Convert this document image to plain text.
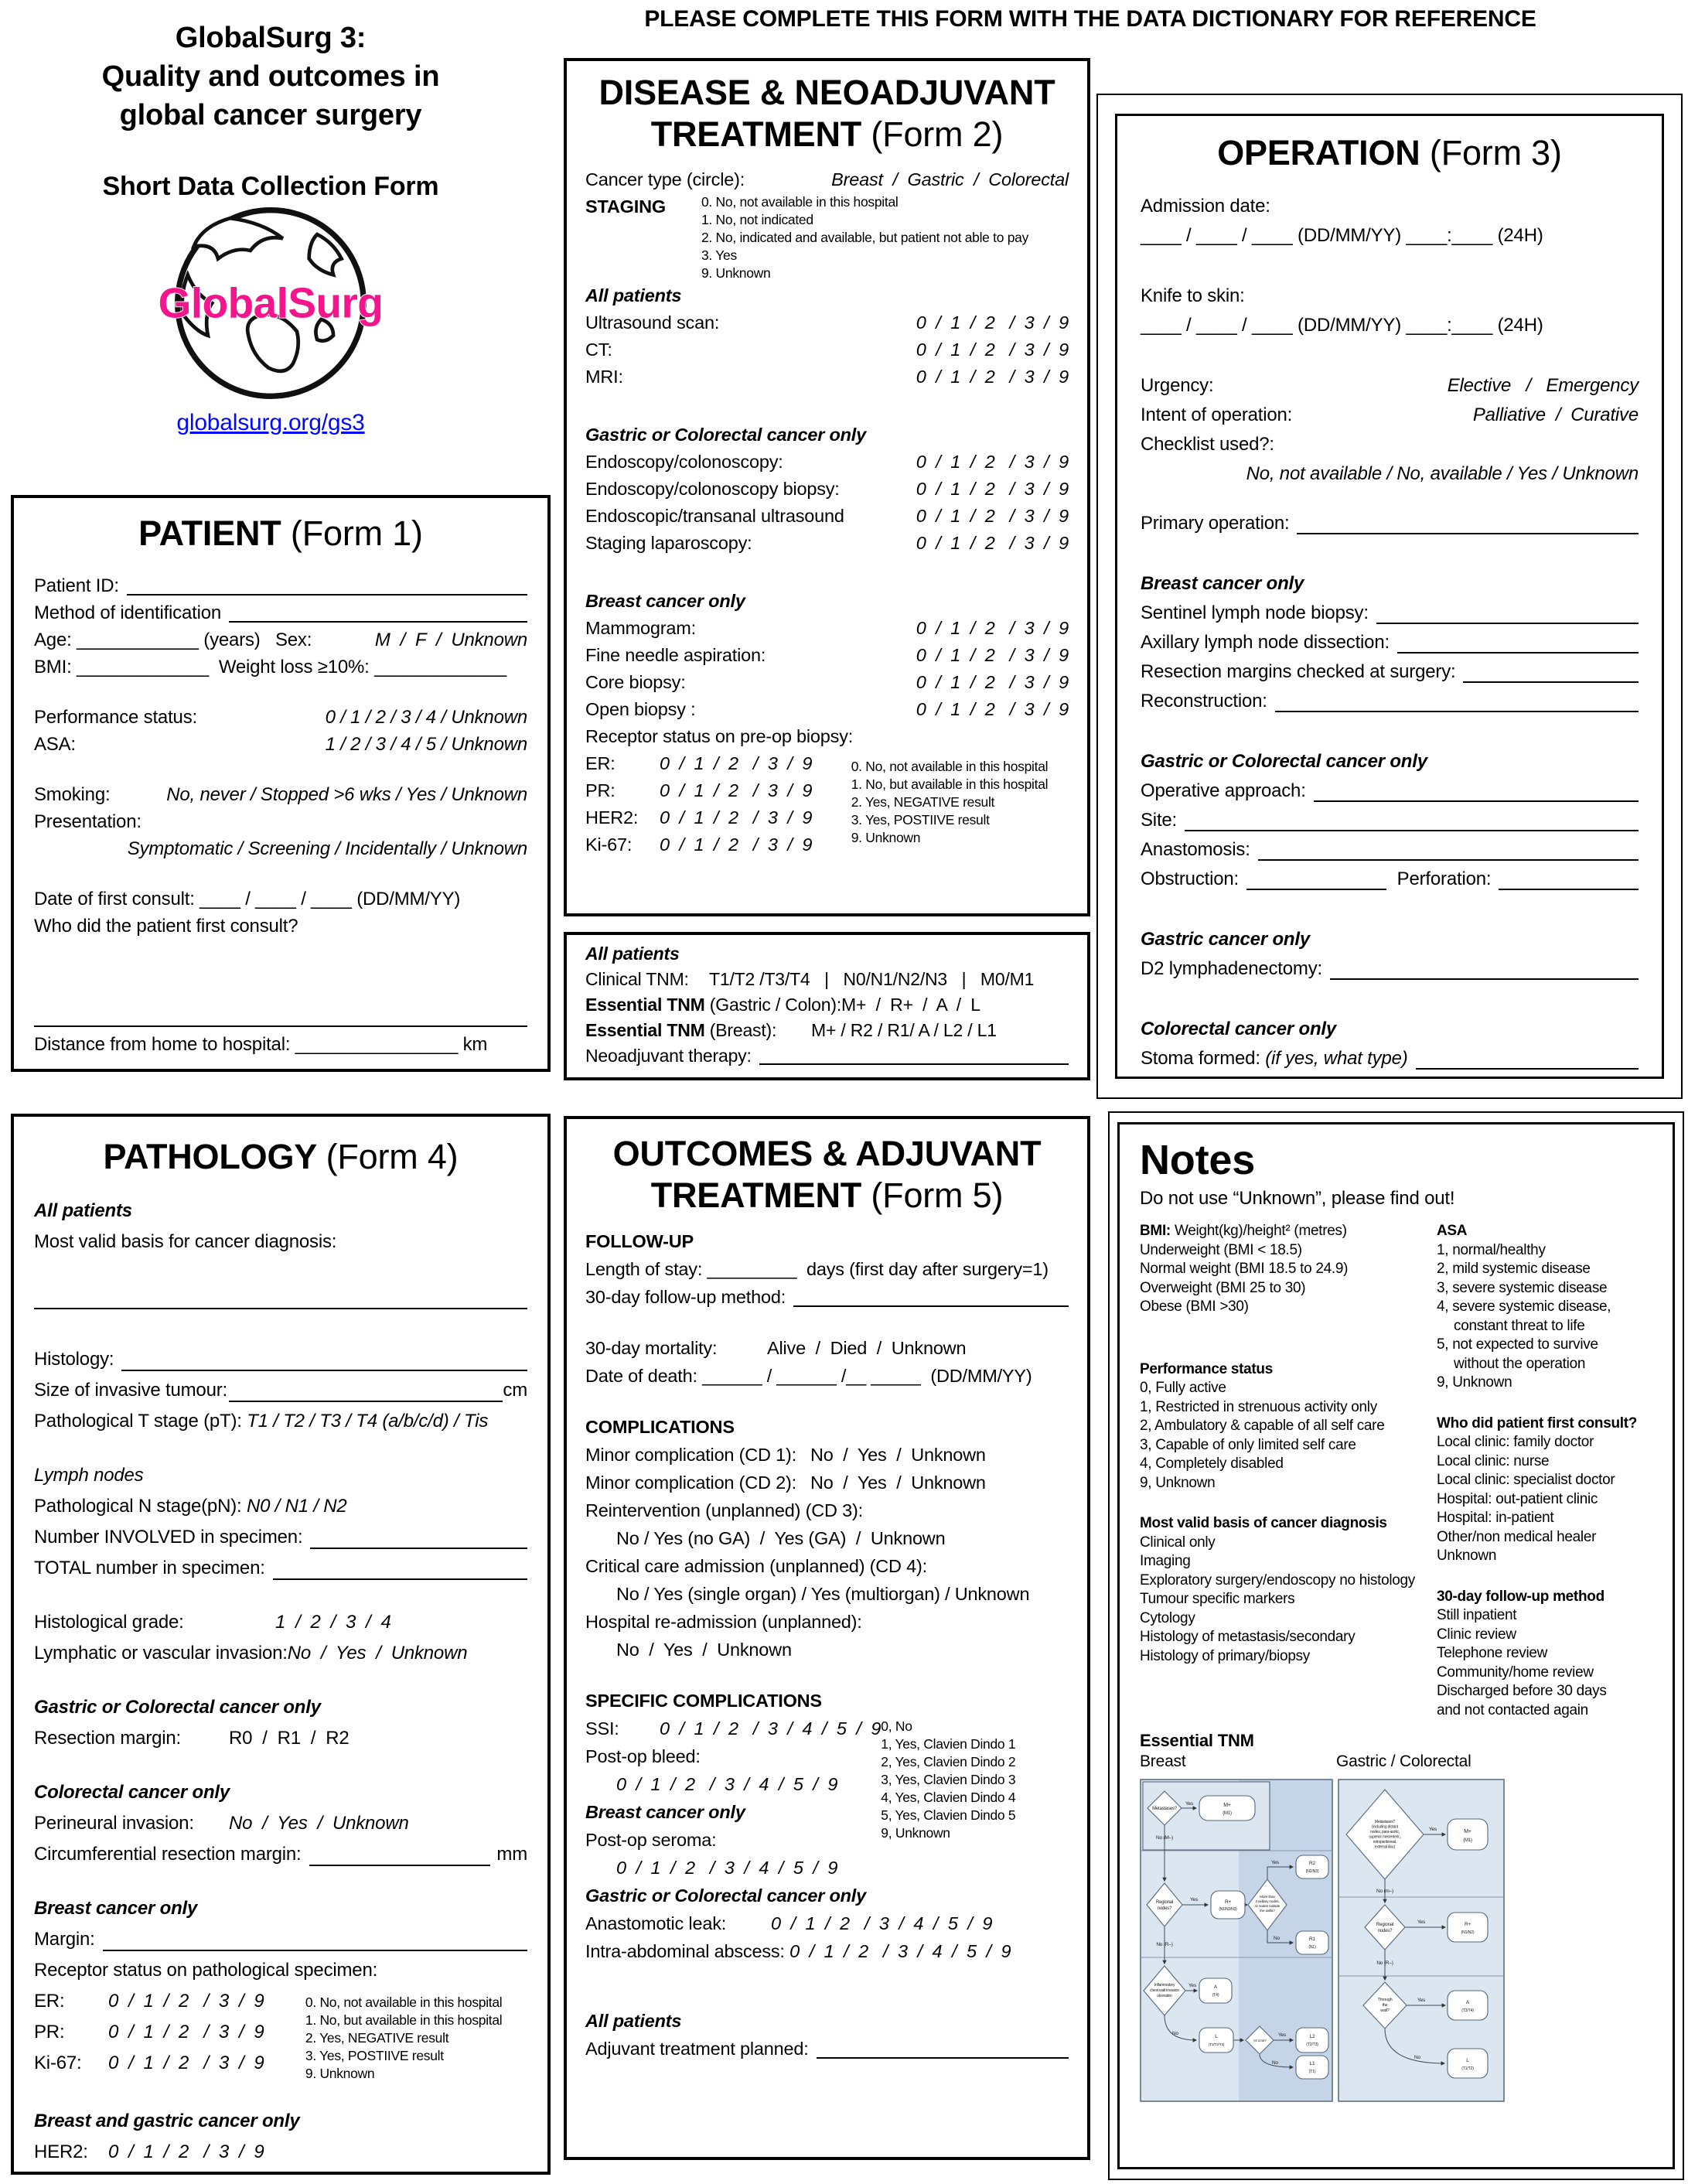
PLEASE COMPLETE THIS FORM WITH THE DATA DICTIONARY FOR REFERENCE
GlobalSurg 3:
Quality and outcomes in
global cancer surgery
Short Data Collection Form
GlobalSurg
globalsurg.org/gs3
PATIENT (Form 1)
Patient ID:
Method of identification
Age: ____________ (years)   Sex:	M  /  F  /  Unknown
BMI: _____________  Weight loss ≥10%: _____________
Performance status:	0 / 1 / 2 / 3 / 4 / Unknown
ASA:	1 / 2 / 3 / 4 / 5 / Unknown
Smoking:	No, never / Stopped >6 wks / Yes / Unknown
Presentation:
Symptomatic / Screening / Incidentally / Unknown
Date of first consult: ____ / ____ / ____ (DD/MM/YY)
Who did the patient first consult?
Distance from home to hospital: ________________ km
DISEASE & NEOADJUVANT
TREATMENT (Form 2)
Cancer type (circle):	Breast  /  Gastric  /  Colorectal
STAGING	0. No, not available in this hospital
1. No, not indicated
2. No, indicated and available, but patient not able to pay
3. Yes
9. Unknown
All patients
Ultrasound scan:	0  /  1  /  2   /  3  /  9
CT:	0  /  1  /  2   /  3  /  9
MRI:	0  /  1  /  2   /  3  /  9
Gastric or Colorectal cancer only
Endoscopy/colonoscopy:	0  /  1  /  2   /  3  /  9
Endoscopy/colonoscopy biopsy:	0  /  1  /  2   /  3  /  9
Endoscopic/transanal ultrasound	0  /  1  /  2   /  3  /  9
Staging laparoscopy:	0  /  1  /  2   /  3  /  9
Breast cancer only
Mammogram:	0  /  1  /  2   /  3  /  9
Fine needle aspiration:	0  /  1  /  2   /  3  /  9
Core biopsy:	0  /  1  /  2   /  3  /  9
Open biopsy :	0  /  1  /  2   /  3  /  9
Receptor status on pre-op biopsy:
ER:	0  /  1  /  2   /  3  /  9
PR:	0  /  1  /  2   /  3  /  9
HER2:	0  /  1  /  2   /  3  /  9
Ki-67:	0  /  1  /  2   /  3  /  9
0. No, not available in this hospital
1. No, but available in this hospital
2. Yes, NEGATIVE result
3. Yes, POSTIIVE result
9. Unknown
All patients
Clinical TNM:	T1/T2 /T3/T4   |   N0/N1/N2/N3   |   M0/M1
Essential TNM (Gastric / Colon): M+  /  R+  /  A  /  L
Essential TNM (Breast): M+ / R2 / R1/ A / L2 / L1
Neoadjuvant therapy:
OPERATION (Form 3)
Admission date:
____ / ____ / ____ (DD/MM/YY) ____:____ (24H)
Knife to skin:
____ / ____ / ____ (DD/MM/YY) ____:____ (24H)
Urgency:	Elective   /   Emergency
Intent of operation:	Palliative  /  Curative
Checklist used?:
No, not available / No, available / Yes / Unknown
Primary operation:
Breast cancer only
Sentinel lymph node biopsy:
Axillary lymph node dissection:
Resection margins checked at surgery:
Reconstruction:
Gastric or Colorectal cancer only
Operative approach:
Site:
Anastomosis:
Obstruction:	Perforation:
Gastric cancer only
D2 lymphadenectomy:
Colorectal cancer only
Stoma formed: (if yes, what type)
PATHOLOGY (Form 4)
All patients
Most valid basis for cancer diagnosis:
Histology:
Size of invasive tumour:	cm
Pathological T stage (pT): T1 / T2 / T3 / T4 (a/b/c/d) / Tis
Lymph nodes
Pathological N stage(pN): N0 / N1 / N2
Number INVOLVED in specimen:
TOTAL number in specimen:
Histological grade:	1  /  2  /  3  /  4
Lymphatic or vascular invasion: No  /  Yes  /  Unknown
Gastric or Colorectal cancer only
Resection margin:	R0  /  R1  /  R2
Colorectal cancer only
Perineural invasion:	No  /  Yes  /  Unknown
Circumferential resection margin:	mm
Breast cancer only
Margin:
Receptor status on pathological specimen:
ER:	0  /  1  /  2   /  3  /  9
PR:	0  /  1  /  2   /  3  /  9
Ki-67:	0  /  1  /  2   /  3  /  9
0. No, not available in this hospital
1. No, but available in this hospital
2. Yes, NEGATIVE result
3. Yes, POSTIIVE result
9. Unknown
Breast and gastric cancer only
HER2:	0  /  1  /  2   /  3  /  9
OUTCOMES & ADJUVANT
TREATMENT (Form 5)
FOLLOW-UP
Length of stay: _________  days (first day after surgery=1)
30-day follow-up method:
30-day mortality:	Alive  /  Died  /  Unknown
Date of death: ______ / ______ /__ _____  (DD/MM/YY)
COMPLICATIONS
Minor complication (CD 1): No  /  Yes  /  Unknown
Minor complication (CD 2): No  /  Yes  /  Unknown
Reintervention (unplanned) (CD 3):
No / Yes (no GA)  /  Yes (GA)  /  Unknown
Critical care admission (unplanned) (CD 4):
No / Yes (single organ) / Yes (multiorgan) / Unknown
Hospital re-admission (unplanned):
No  /  Yes  /  Unknown
SPECIFIC COMPLICATIONS
SSI:	0  /  1  /  2   /  3  /  4  /  5  /  9
Post-op bleed:
0  /  1  /  2   /  3  /  4  /  5  /  9
Breast cancer only
Post-op seroma:
0  /  1  /  2   /  3  /  4  /  5  /  9
0, No
1, Yes, Clavien Dindo 1
2, Yes, Clavien Dindo 2
3, Yes, Clavien Dindo 3
4, Yes, Clavien Dindo 4
5, Yes, Clavien Dindo 5
9, Unknown
Gastric or Colorectal cancer only
Anastomotic leak:	0  /  1  /  2   /  3  /  4  /  5  /  9
Intra-abdominal abscess: 0  /  1  /  2   /  3  /  4  /  5  /  9
All patients
Adjuvant treatment planned:
Notes
Do not use “Unknown”, please find out!
BMI: Weight(kg)/height² (metres)
Underweight (BMI < 18.5)
Normal weight (BMI 18.5 to 24.9)
Overweight (BMI 25 to 30)
Obese (BMI >30)
Performance status
0, Fully active
1, Restricted in strenuous activity only
2, Ambulatory & capable of all self care
3, Capable of only limited self care
4, Completely disabled
9, Unknown
Most valid basis of cancer diagnosis
Clinical only
Imaging
Exploratory surgery/endoscopy no histology
Tumour specific markers
Cytology
Histology of metastasis/secondary
Histology of primary/biopsy
ASA
1, normal/healthy
2, mild systemic disease
3, severe systemic disease
4, severe systemic disease,
constant threat to life
5, not expected to survive
without the operation
9, Unknown
Who did patient first consult?
Local clinic: family doctor
Local clinic: nurse
Local clinic: specialist doctor
Hospital: out-patient clinic
Hospital: in-patient
Other/non medical healer
Unknown
30-day follow-up method
Still inpatient
Clinic review
Telephone review
Community/home review
Discharged before 30 days
and not contacted again
Essential TNM
Breast	Gastric / Colorectal
Metastases?
Yes	M+
(M1)
No (M–)
Regional
nodes?
Yes	R+
(N1/N2/N3)
More than
3 axillary nodes,
or nodes outside
the axilla?
Yes	R2
(N2/N3)
No	R1
(N1)
No (R–)
Inflammatory
chest wall invasion
ulceration
Yes	A
(T4)
No
L
(T1/T2/T3)
>2 cms?
Yes	L2
(T2/T3)
No	L1
(T1)
Metastases?
(including distant
nodes, para-aortic,
superior mesenteric,
retroperitoneal,
external iliac)
Yes	M+
(M1)
No (m–)
Regional
nodes?
Yes	R+
(N1/N2)
No (R–)
Through
the
wall?
Yes	A
(T3/T4)
No
L
(T1/T2)
